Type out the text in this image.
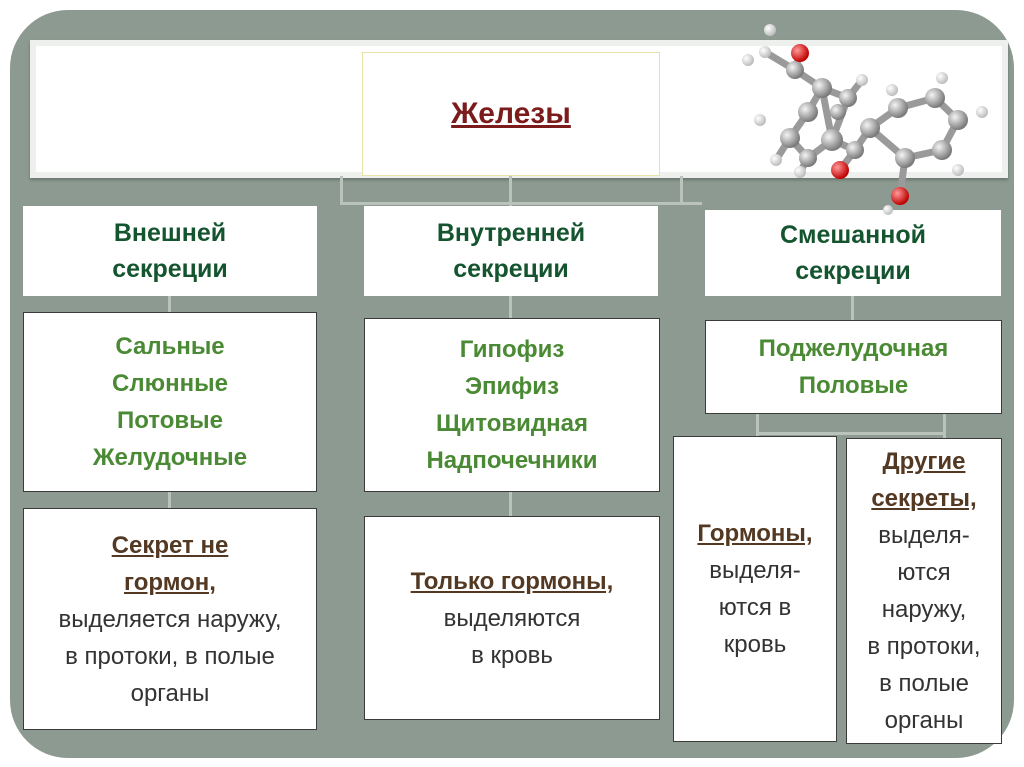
Железы
Внешней
секреции
Внутренней
секреции
Смешанной
секреции
Сальные
Слюнные
Потовые
Желудочные
Гипофиз
Эпифиз
Щитовидная
Надпочечники
Поджелудочная
Половые
Секрет не
гормон,
выделяется наружу,
в протоки, в полые
органы
Только гормоны,
выделяются
в кровь
Гормоны,
выделя-
ются в
кровь
Другие
секреты,
выделя-
ются
наружу,
в протоки,
в полые
органы
